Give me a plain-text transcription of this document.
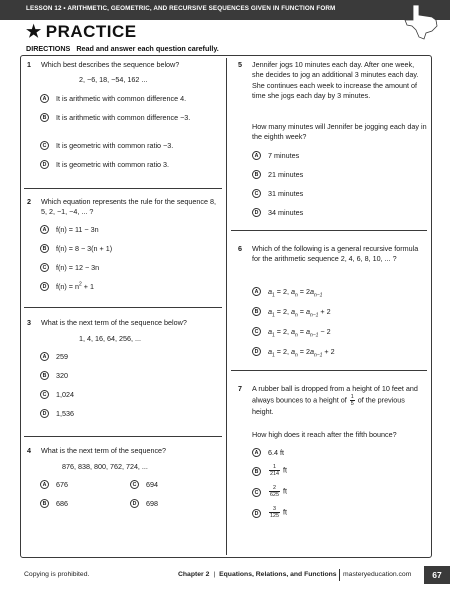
LESSON 12 • ARITHMETIC, GEOMETRIC, AND RECURSIVE SEQUENCES GIVEN IN FUNCTION FORM
★ PRACTICE
DIRECTIONS Read and answer each question carefully.
1 Which best describes the sequence below?
2, −6, 18, −54, 162 ...
A	It is arithmetic with common difference 4.
B	It is arithmetic with common difference −3.
C	It is geometric with common ratio −3.
D	It is geometric with common ratio 3.
2 Which equation represents the rule for the sequence 8, 5, 2, −1, −4, ... ?
A	f(n) = 11 − 3n
B	f(n) = 8 − 3(n + 1)
C	f(n) = 12 − 3n
D	$f(n) = n^2 + 1$
3 What is the next term of the sequence below?
1, 4, 16, 64, 256, ...
A	259
B	320
C	1,024
D	1,536
4 What is the next term of the sequence?
876, 838, 800, 762, 724, ...
A	676
B	686
C	694
D	698
5 Jennifer jogs 10 minutes each day. After one week, she decides to jog an additional 3 minutes each day. She continues each week to increase the amount of time she jogs each day by 3 minutes.
How many minutes will Jennifer be jogging each day in the eighth week?
A	7 minutes
B	21 minutes
C	31 minutes
D	34 minutes
6 Which of the following is a general recursive formula for the arithmetic sequence 2, 4, 6, 8, 10, ... ?
A	$a_1 = 2$, $a_n = 2a_{n-1}$
B	$a_1 = 2$, $a_n = a_{n-1} + 2$
C	$a_1 = 2$, $a_n = a_{n-1} - 2$
D	$a_1 = 2$, $a_n = 2a_{n-1} + 2$
7 A rubber ball is dropped from a height of 10 feet and always bounces to a height of $\frac{1}{5}$ of the previous height.
How high does it reach after the fifth bounce?
A	6.4 ft
B	$\frac{1}{214}$ ft
C	$\frac{2}{625}$ ft
D	$\frac{3}{125}$ ft
Copying is prohibited.	Chapter 2 | Equations, Relations, and Functions masteryeducation.com	67
